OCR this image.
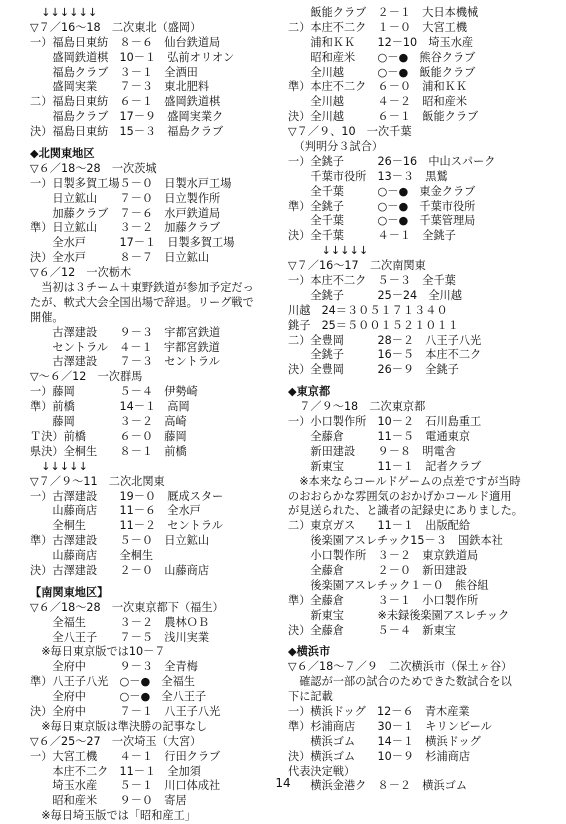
　↓↓↓↓↓↓
▽７／16～18　二次東北（盛岡）
一）福島日東紡　８－６　仙台鉄道局
　　盛岡鉄道棋　10－１　弘前オリオン
　　福島クラブ　３－１　全酒田
　　盛岡実業　　７－３　東北肥料
二）福島日東紡　６－１　盛岡鉄道棋
　　福島クラブ　17－９　盛岡実業ク
決）福島日東紡　15－３　福島クラブ
◆北関東地区
▽６／18～28　一次茨城
一）日製多賀工場５－０　日製水戸工場
　　日立鉱山　　７－０　日立製作所
　　加藤クラブ　７－６　水戸鉄道局
準）日立鉱山　　３－２　加藤クラブ
　　全水戸　　　17－１　日製多賀工場
決）全水戸　　　８－７　日立鉱山
▽６／12　一次栃木
　当初は３チーム＋東野鉄道が参加予定だっ
たが、軟式大会全国出場で辞退。リーグ戦で
開催。
　　古澤建設　　９－３　宇都宮鉄道
　　セントラル　４－１　宇都宮鉄道
　　古澤建設　　７－３　セントラル
▽～６／12　一次群馬
一）藤岡　　　　５－４　伊勢崎
準）前橋　　　　14－１　高岡
　　藤岡　　　　３－２　高崎
Ｔ決）前橋　　　６－０　藤岡
県決）全桐生　　８－１　前橋
　↓↓↓↓↓
▽７／９～11　二次北関東
一）古澤建設　　19－０　厩成スター
　　山藤商店　　11－６　全水戸
　　全桐生　　　11－２　セントラル
準）古澤建設　　５－０　日立鉱山
　　山藤商店　　全桐生
決）古澤建設　　２－０　山藤商店
【南関東地区】
▽６／18～28　一次東京都下（福生）
　　全福生　　　３－２　農林ＯＢ
　　全八王子　　７－５　浅川実業
　※毎日東京版では10－７
　　全府中　　　９－３　全青梅
準）八王子八光　○－●　全福生
　　全府中　　　○－●　全八王子
決）全府中　　　７－１　八王子八光
　※毎日東京版は準決勝の記事なし
▽６／25～27　一次埼玉（大宮）
一）大宮工機　　４－１　行田クラブ
　　本庄不二ク　11－１　全加須
　　埼玉水産　　５－１　川口体成社
　　昭和産米　　９－０　寄居
　※毎日埼玉版では「昭和産工」
　　飯能クラブ　２－１　大日本機械
二）本庄不二ク　１－０　大宮工機
　　浦和ＫＫ　　12－10　埼玉水産
　　昭和産米　　○－●　熊谷クラブ
　　全川越　　　○－●　飯能クラブ
準）本庄不二ク　６－０　浦和ＫＫ
　　全川越　　　４－２　昭和産米
決）全川越　　　６－１　飯能クラブ
▽７／９、10　一次千葉
　（判明分３試合）
一）全銚子　　　26－16　中山スパーク
　　千葉市役所　13－３　黒鷲
　　全千葉　　　○－●　東金クラブ
準）全銚子　　　○－●　千葉市役所
　　全千葉　　　○－●　千葉管理局
決）全千葉　　　４－１　全銚子
　　　↓↓↓↓↓
▽７／16～17　二次南関東
一）本庄不二ク　５－３　全千葉
　　全銚子　　　25－24　全川越
川越　24＝３０５１７１３４０
銚子　25＝５００１５２１０１１
二）全豊岡　　　28－２　八王子八光
　　全銚子　　　16－５　本庄不二ク
決）全豊岡　　　26－９　全銚子
◆東京都
　７／９～18　二次東京都
一）小口製作所　10－２　石川島重工
　　全藤倉　　　11－５　電通東京
　　新田建設　　９－８　明電舎
　　新東宝　　　11－１　記者クラブ
　※本来ならコールドゲームの点差ですが当時
のおおらかな雰囲気のおかげかコールド適用
が見送られた、と識者の記録史にありました。
二）東京ガス　　11－１　出版配給
　　後楽園アスレチック15－３　国鉄本社
　　小口製作所　３－２　東京鉄道局
　　全藤倉　　　２－０　新田建設
　　後楽園アスレチック１－０　熊谷組
準）全藤倉　　　３－１　小口製作所
　　新東宝　　　※未録後楽園アスレチック
決）全藤倉　　　５－４　新東宝
◆横浜市
▽６／18～７／９　二次横浜市（保土ヶ谷）
　確認が一部の試合のためできた数試合を以
下に記載
一）横浜ドッグ　12－６　青木産業
準）杉浦商店　　30－１　キリンビール
　　横浜ゴム　　14－１　横浜ドッグ
決）横浜ゴム　　10－９　杉浦商店
代表決定戦）
　　横浜金港ク　８－２　横浜ゴム
14
